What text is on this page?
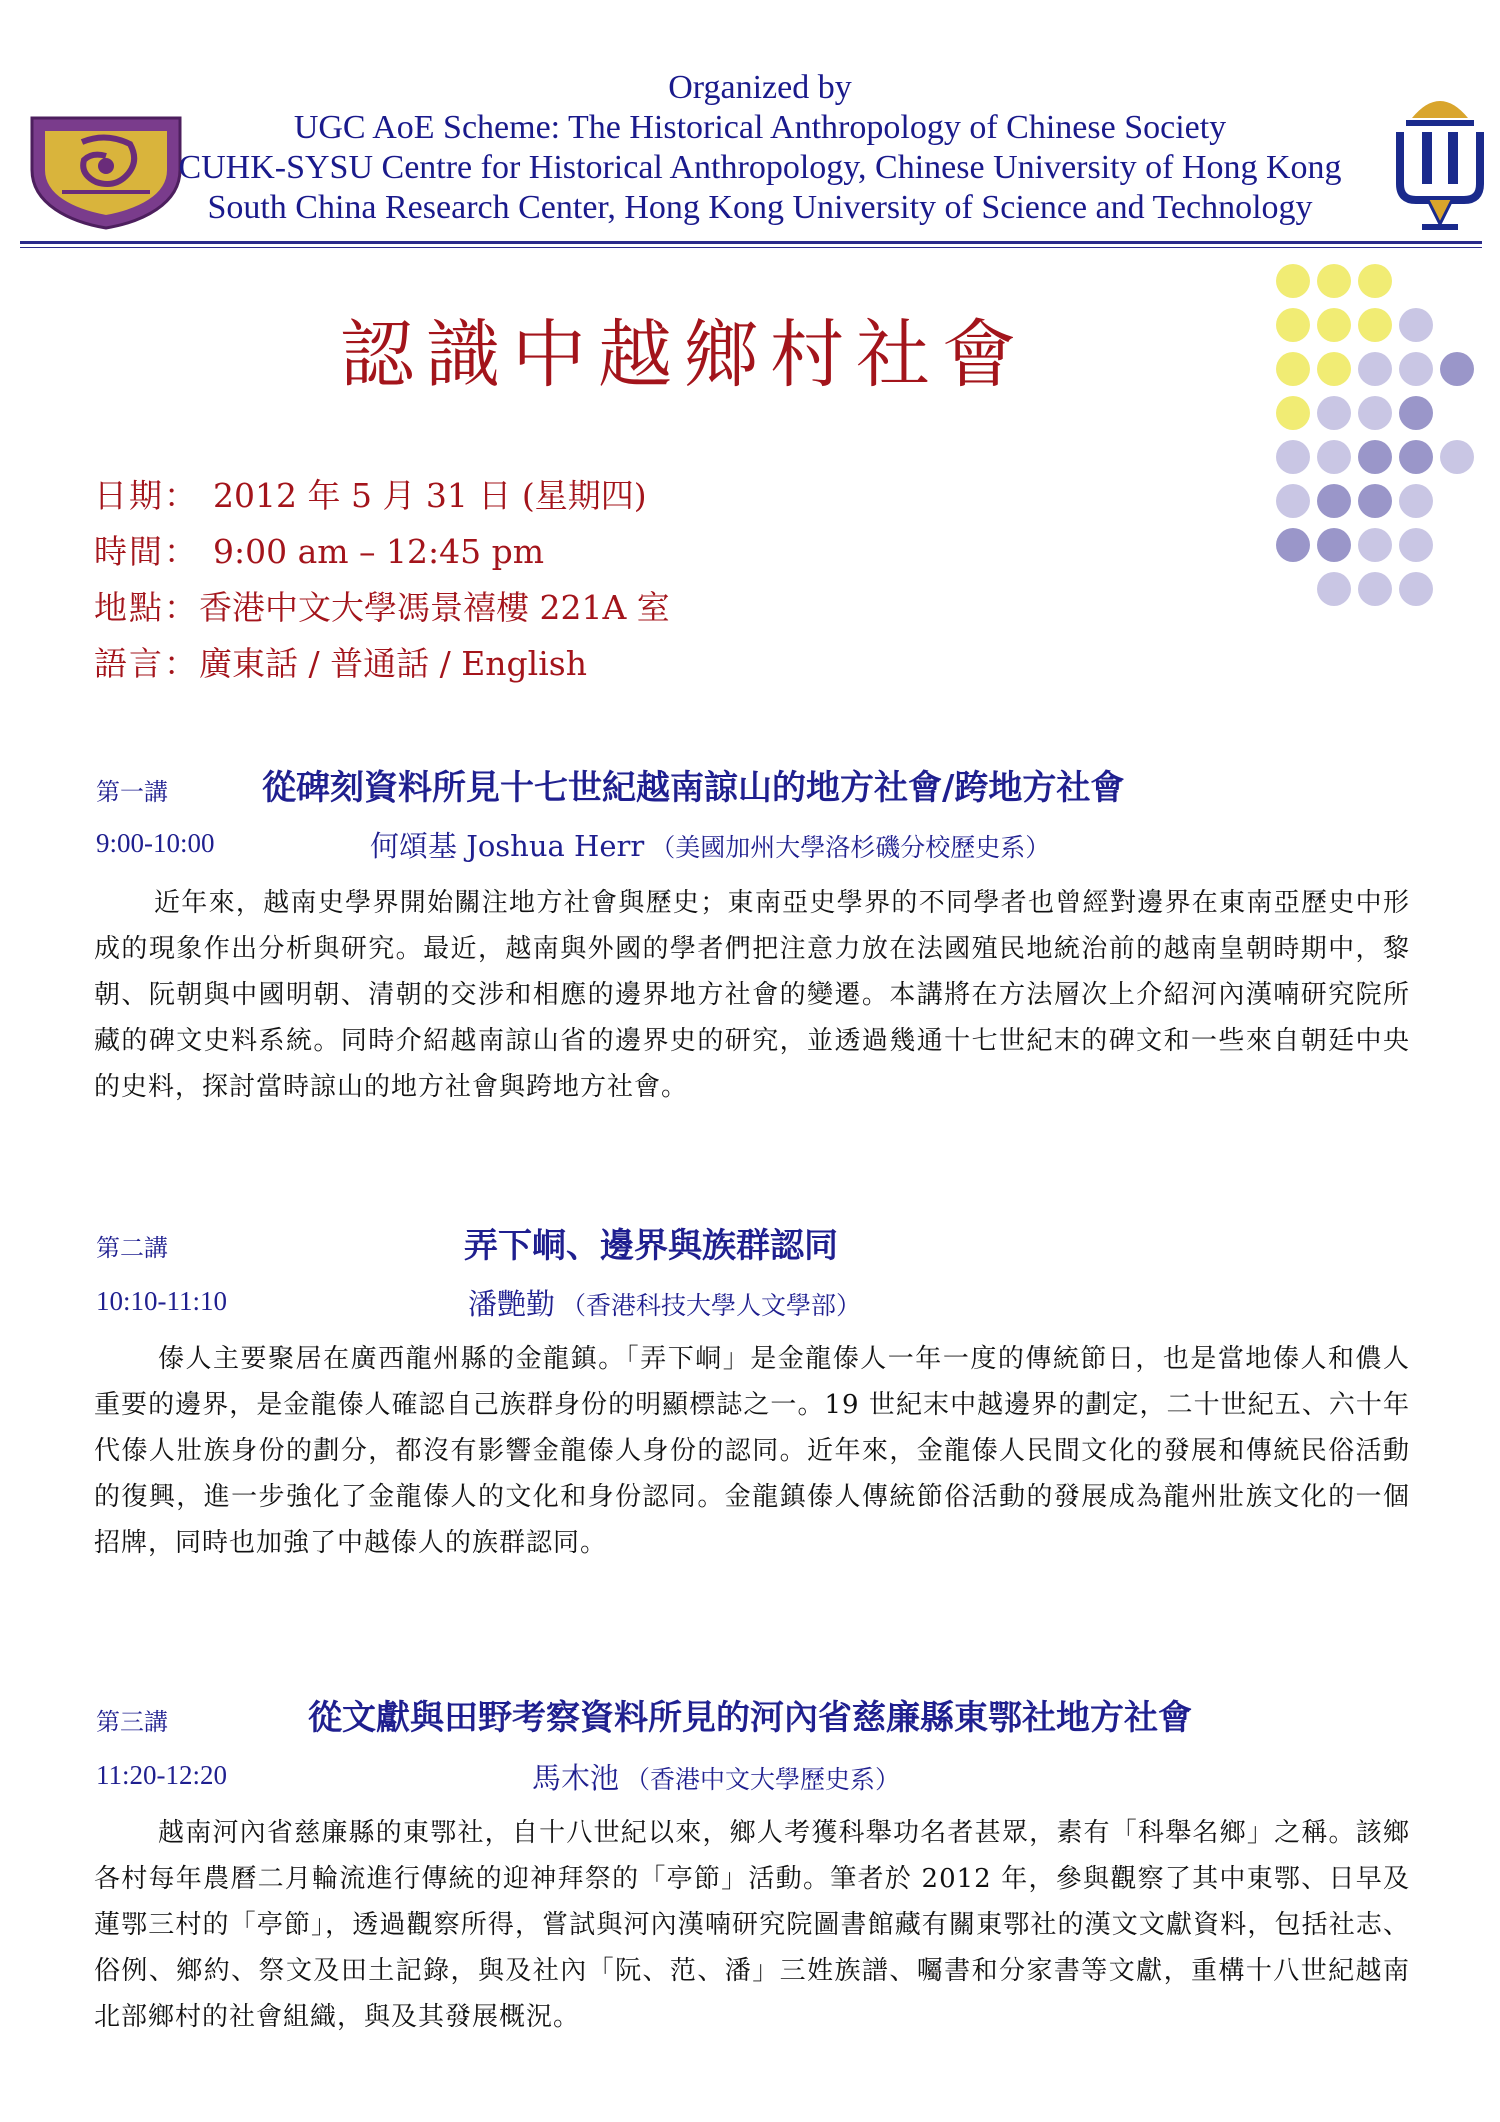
Organized by
UGC AoE Scheme: The Historical Anthropology of Chinese Society
CUHK-SYSU Centre for Historical Anthropology, Chinese University of Hong Kong
South China Research Center, Hong Kong University of Science and Technology
認識中越鄉村社會
日期： 2012 年 5 月 31 日 (星期四)
時間： 9:00 am – 12:45 pm
地點：香港中文大學馮景禧樓 221A 室
語言：廣東話 / 普通話 / English
第一講	從碑刻資料所見十七世紀越南諒山的地方社會/跨地方社會
9:00-10:00	何頌基 Joshua Herr （美國加州大學洛杉磯分校歷史系）
近年來，越南史學界開始關注地方社會與歷史；東南亞史學界的不同學者也曾經對邊界在東南亞歷史中形成的現象作出分析與研究。最近，越南與外國的學者們把注意力放在法國殖民地統治前的越南皇朝時期中，黎朝、阮朝與中國明朝、清朝的交涉和相應的邊界地方社會的變遷。本講將在方法層次上介紹河內漢喃研究院所藏的碑文史料系統。同時介紹越南諒山省的邊界史的研究，並透過幾通十七世紀末的碑文和一些來自朝廷中央的史料，探討當時諒山的地方社會與跨地方社會。
第二講	弄下峒、邊界與族群認同
10:10-11:10	潘艷勤 （香港科技大學人文學部）
傣人主要聚居在廣西龍州縣的金龍鎮。「弄下峒」是金龍傣人一年一度的傳統節日，也是當地傣人和儂人重要的邊界，是金龍傣人確認自己族群身份的明顯標誌之一。19 世紀末中越邊界的劃定，二十世紀五、六十年代傣人壯族身份的劃分，都沒有影響金龍傣人身份的認同。近年來，金龍傣人民間文化的發展和傳統民俗活動的復興，進一步強化了金龍傣人的文化和身份認同。金龍鎮傣人傳統節俗活動的發展成為龍州壯族文化的一個招牌，同時也加強了中越傣人的族群認同。
第三講	從文獻與田野考察資料所見的河內省慈廉縣東鄂社地方社會
11:20-12:20	馬木池 （香港中文大學歷史系）
越南河內省慈廉縣的東鄂社，自十八世紀以來，鄉人考獲科舉功名者甚眾，素有「科舉名鄉」之稱。該鄉各村每年農曆二月輪流進行傳統的迎神拜祭的「亭節」活動。筆者於 2012 年，參與觀察了其中東鄂、日早及蓮鄂三村的「亭節」，透過觀察所得，嘗試與河內漢喃研究院圖書館藏有關東鄂社的漢文文獻資料，包括社志、俗例、鄉約、祭文及田土記錄，與及社內「阮、范、潘」三姓族譜、囑書和分家書等文獻，重構十八世紀越南北部鄉村的社會組織，與及其發展概況。
